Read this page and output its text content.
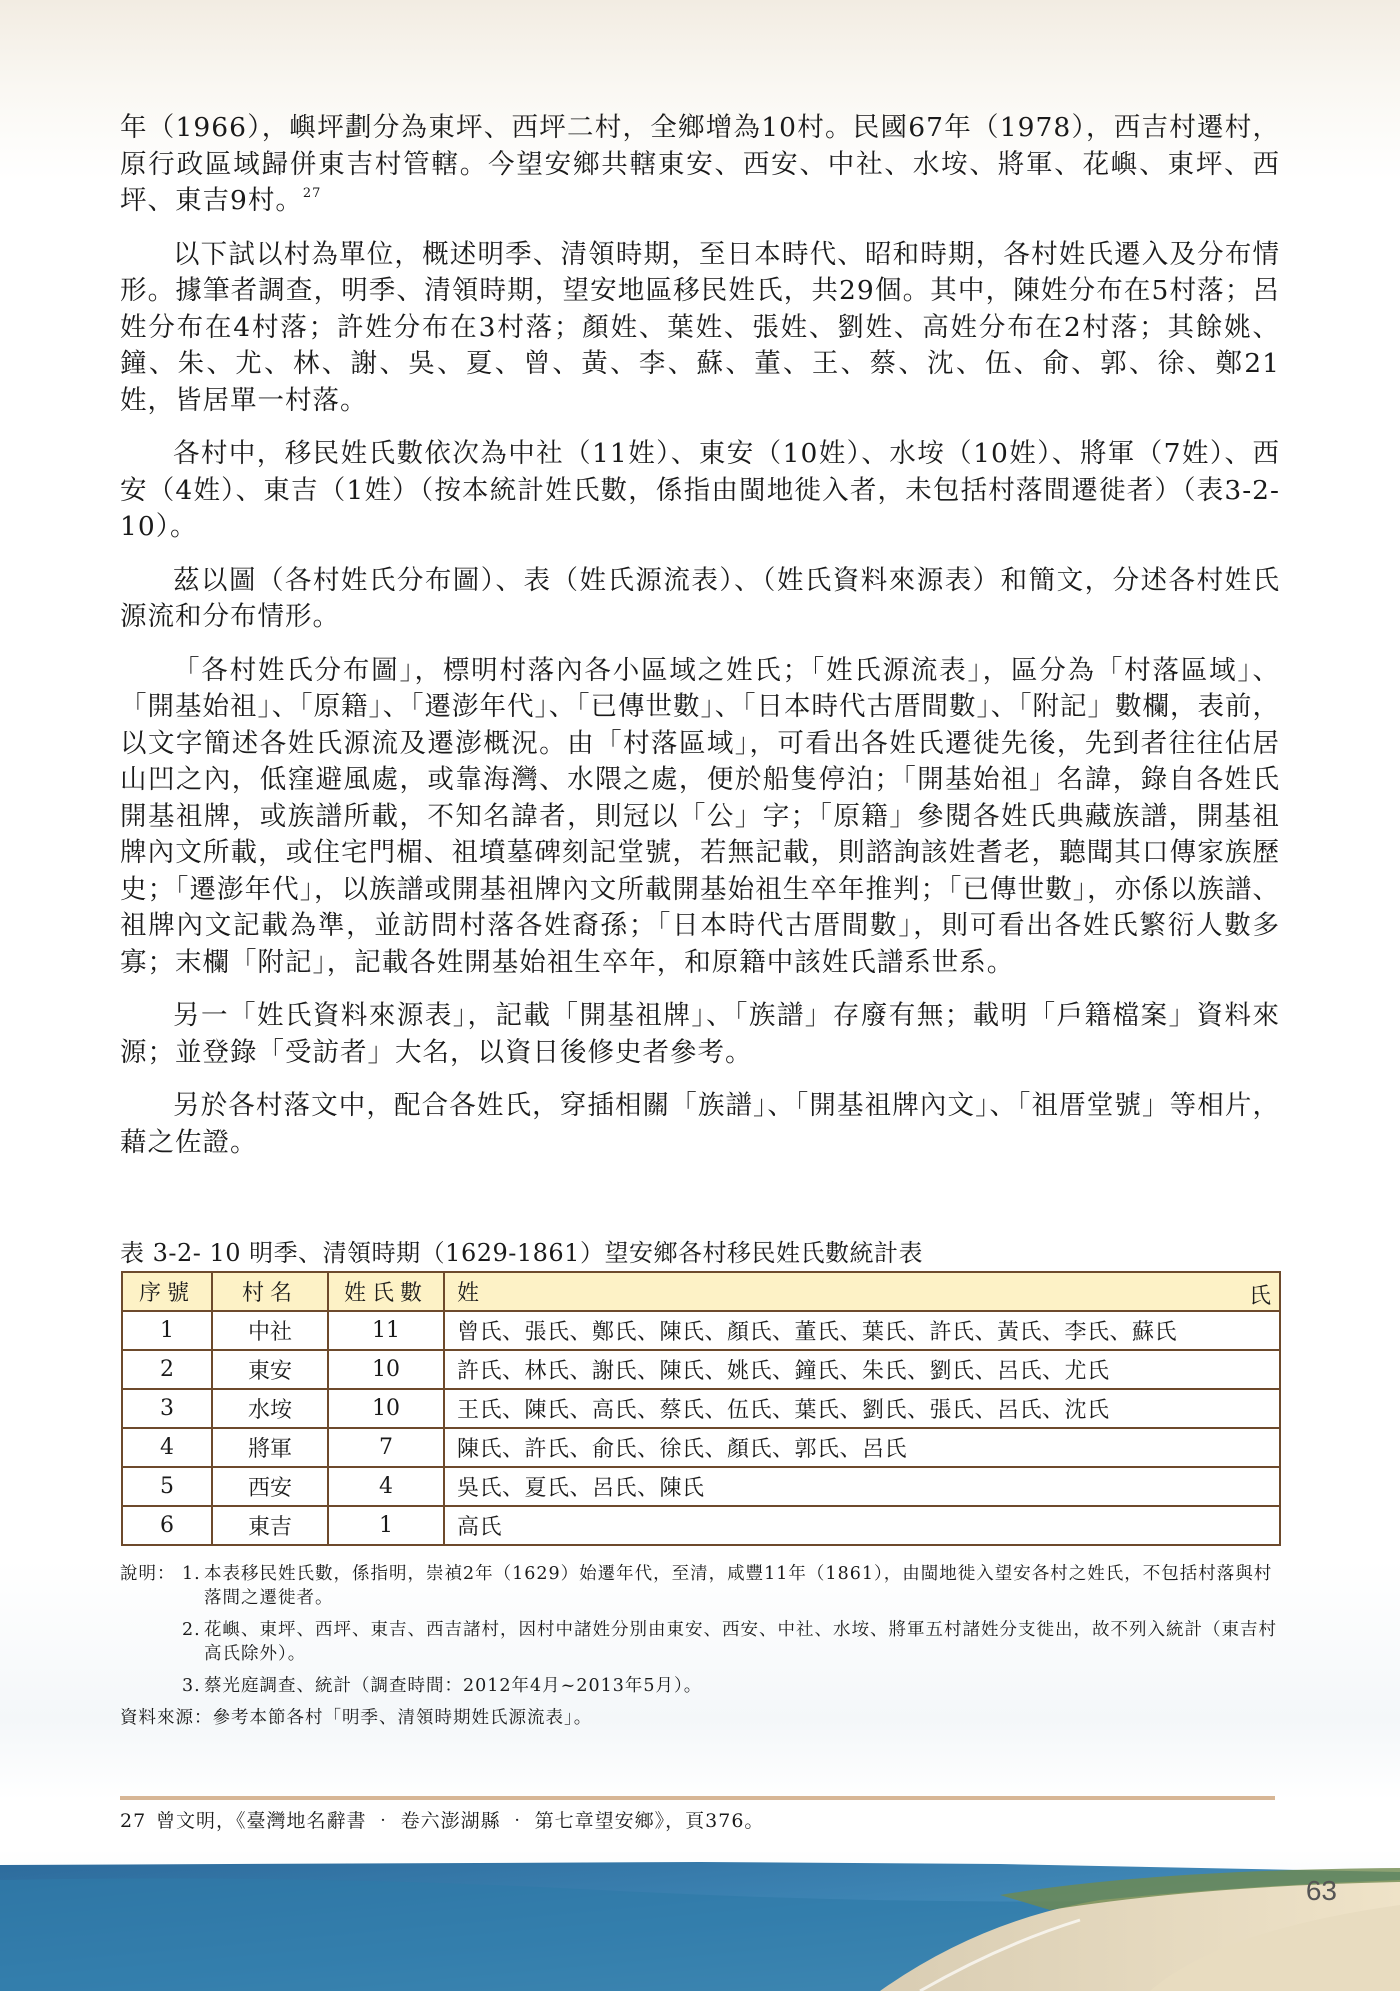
年（1966），嶼坪劃分為東坪、西坪二村，全鄉增為10村。民國67年（1978），西吉村遷村，原行政區域歸併東吉村管轄。今望安鄉共轄東安、西安、中社、水垵、將軍、花嶼、東坪、西坪、東吉9村。$^{27}$

以下試以村為單位，概述明季、清領時期，至日本時代、昭和時期，各村姓氏遷入及分布情形。據筆者調查，明季、清領時期，望安地區移民姓氏，共29個。其中，陳姓分布在5村落；呂姓分布在4村落；許姓分布在3村落；顏姓、葉姓、張姓、劉姓、高姓分布在2村落；其餘姚、鐘、朱、尤、林、謝、吳、夏、曾、黃、李、蘇、董、王、蔡、沈、伍、俞、郭、徐、鄭21姓，皆居單一村落。

各村中，移民姓氏數依次為中社（11姓）、東安（10姓）、水垵（10姓）、將軍（7姓）、西安（4姓）、東吉（1姓）（按本統計姓氏數，係指由閩地徙入者，未包括村落間遷徙者）（表3-2-10）。

茲以圖（各村姓氏分布圖）、表（姓氏源流表）、（姓氏資料來源表）和簡文，分述各村姓氏源流和分布情形。

「各村姓氏分布圖」，標明村落內各小區域之姓氏；「姓氏源流表」，區分為「村落區域」、「開基始祖」、「原籍」、「遷澎年代」、「已傳世數」、「日本時代古厝間數」、「附記」數欄，表前，以文字簡述各姓氏源流及遷澎概況。由「村落區域」，可看出各姓氏遷徙先後，先到者往往佔居山凹之內，低窪避風處，或靠海灣、水隈之處，便於船隻停泊；「開基始祖」名諱，錄自各姓氏開基祖牌，或族譜所載，不知名諱者，則冠以「公」字；「原籍」參閱各姓氏典藏族譜，開基祖牌內文所載，或住宅門楣、祖墳墓碑刻記堂號，若無記載，則諮詢該姓耆老，聽聞其口傳家族歷史；「遷澎年代」，以族譜或開基祖牌內文所載開基始祖生卒年推判；「已傳世數」，亦係以族譜、祖牌內文記載為準，並訪問村落各姓裔孫；「日本時代古厝間數」，則可看出各姓氏繁衍人數多寡；末欄「附記」，記載各姓開基始祖生卒年，和原籍中該姓氏譜系世系。

另一「姓氏資料來源表」，記載「開基祖牌」、「族譜」存廢有無；載明「戶籍檔案」資料來源；並登錄「受訪者」大名，以資日後修史者參考。

另於各村落文中，配合各姓氏，穿插相關「族譜」、「開基祖牌內文」、「祖厝堂號」等相片，藉之佐證。

表 3-2- 10 明季、清領時期（1629-1861）望安鄉各村移民姓氏數統計表
序號	村名	姓氏數	姓 氏

1	中社	11	曾氏、張氏、鄭氏、陳氏、顏氏、董氏、葉氏、許氏、黃氏、李氏、蘇氏
2	東安	10	許氏、林氏、謝氏、陳氏、姚氏、鐘氏、朱氏、劉氏、呂氏、尤氏
3	水垵	10	王氏、陳氏、高氏、蔡氏、伍氏、葉氏、劉氏、張氏、呂氏、沈氏
4	將軍	7	陳氏、許氏、俞氏、徐氏、顏氏、郭氏、呂氏
5	西安	4	吳氏、夏氏、呂氏、陳氏
6	東吉	1	高氏
說明： 1. 本表移民姓氏數，係指明，崇禎2年（1629）始遷年代，至清，咸豐11年（1861），由閩地徙入望安各村之姓氏，不包括村落與村落間之遷徙者。
2. 花嶼、東坪、西坪、東吉、西吉諸村，因村中諸姓分別由東安、西安、中社、水垵、將軍五村諸姓分支徙出，故不列入統計（東吉村高氏除外）。
3. 蔡光庭調查、統計（調查時間：2012年4月~2013年5月）。
資料來源：參考本節各村「明季、清領時期姓氏源流表」。
27 曾文明，《臺灣地名辭書 ‧ 卷六澎湖縣 ‧ 第七章望安鄉》，頁376。
63
